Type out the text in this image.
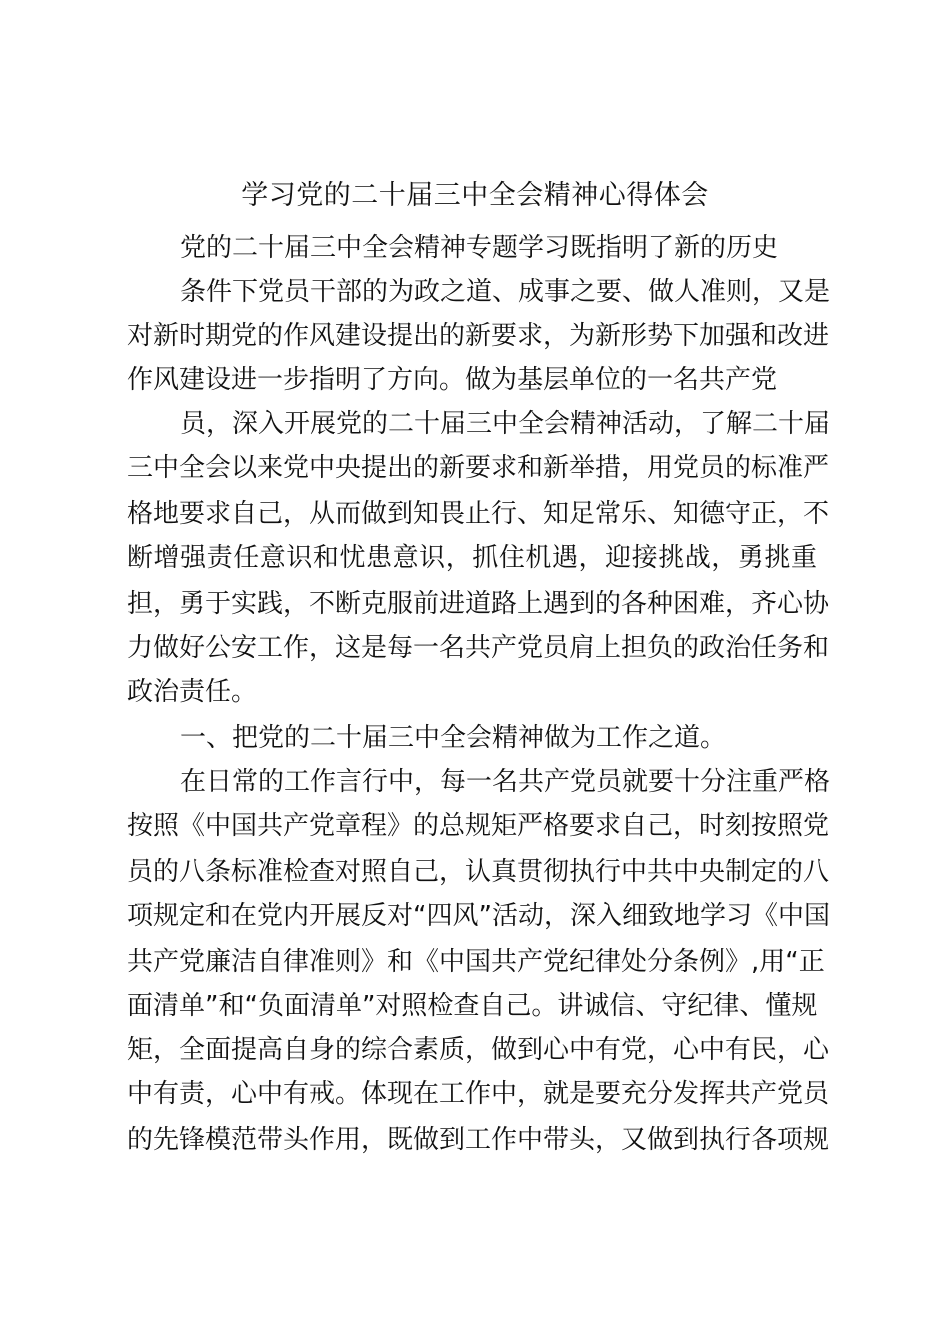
学习党的二十届三中全会精神心得体会
党的二十届三中全会精神专题学习既指明了新的历史
条件下党员干部的为政之道、成事之要、做人准则，又是
对新时期党的作风建设提出的新要求，为新形势下加强和改进
作风建设进一步指明了方向。做为基层单位的一名共产党
员，深入开展党的二十届三中全会精神活动，了解二十届
三中全会以来党中央提出的新要求和新举措，用党员的标准严
格地要求自己，从而做到知畏止行、知足常乐、知德守正，不
断增强责任意识和忧患意识，抓住机遇，迎接挑战，勇挑重
担，勇于实践，不断克服前进道路上遇到的各种困难，齐心协
力做好公安工作，这是每一名共产党员肩上担负的政治任务和
政治责任。
一、把党的二十届三中全会精神做为工作之道。
在日常的工作言行中，每一名共产党员就要十分注重严格
按照《中国共产党章程》的总规矩严格要求自己，时刻按照党
员的八条标准检查对照自己，认真贯彻执行中共中央制定的八
项规定和在党内开展反对“四风”活动，深入细致地学习《中国
共产党廉洁自律准则》和《中国共产党纪律处分条例》,用“正
面清单”和“负面清单”对照检查自己。讲诚信、守纪律、懂规
矩，全面提高自身的综合素质，做到心中有党，心中有民，心
中有责，心中有戒。体现在工作中，就是要充分发挥共产党员
的先锋模范带头作用，既做到工作中带头，又做到执行各项规
